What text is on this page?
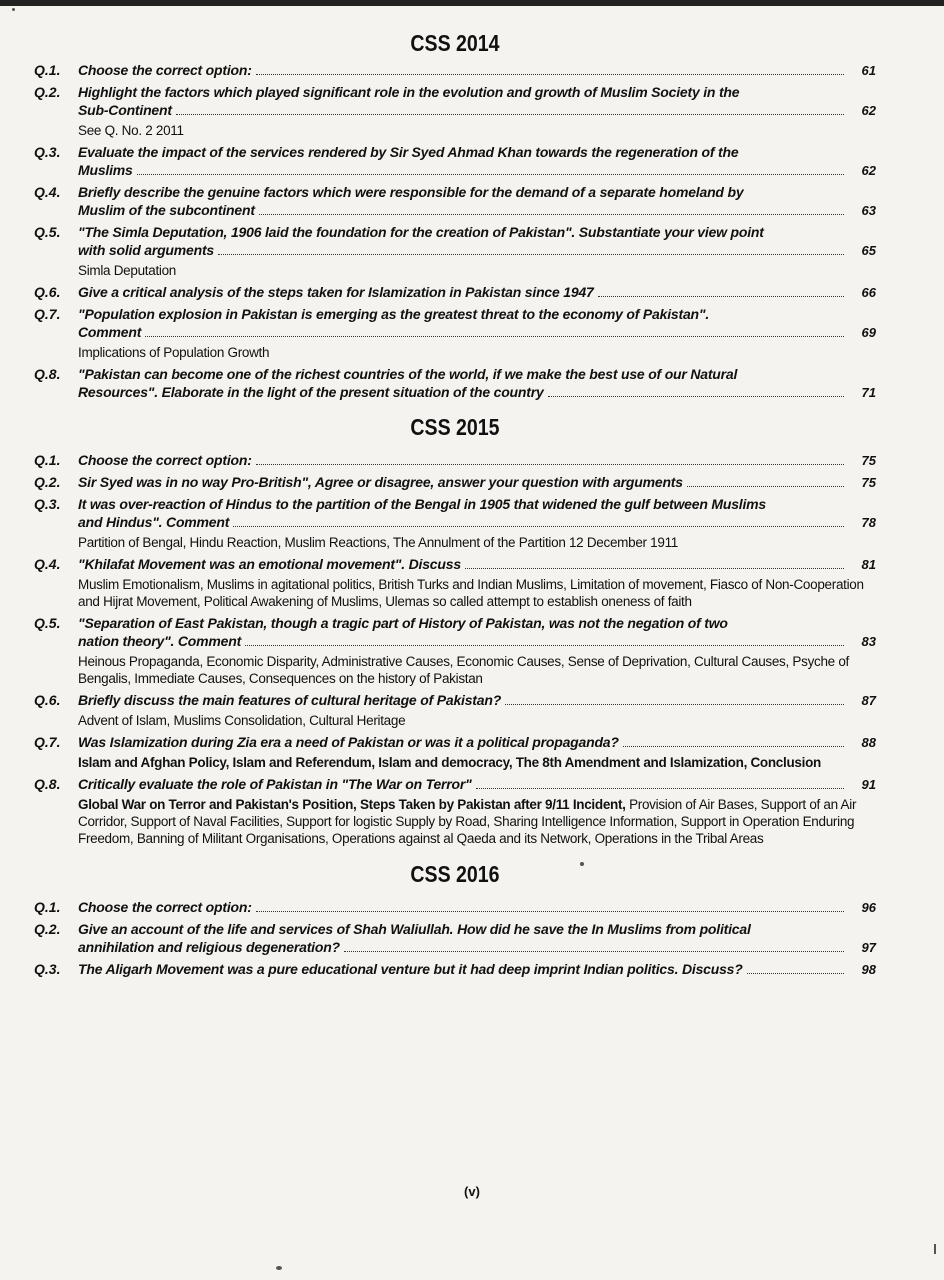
CSS 2014
Q.1.	Choose the correct option:	61
Q.2.	Highlight the factors which played significant role in the evolution and growth of Muslim Society in the
Sub-Continent	62
See Q. No. 2 2011
Q.3.	Evaluate the impact of the services rendered by Sir Syed Ahmad Khan towards the regeneration of the
Muslims	62
Q.4.	Briefly describe the genuine factors which were responsible for the demand of a separate homeland by
Muslim of the subcontinent	63
Q.5.	"The Simla Deputation, 1906 laid the foundation for the creation of Pakistan". Substantiate your view point
with solid arguments	65
Simla Deputation
Q.6.	Give a critical analysis of the steps taken for Islamization in Pakistan since 1947	66
Q.7.	"Population explosion in Pakistan is emerging as the greatest threat to the economy of Pakistan".
Comment	69
Implications of Population Growth
Q.8.	"Pakistan can become one of the richest countries of the world, if we make the best use of our Natural
Resources". Elaborate in the light of the present situation of the country	71
CSS 2015
Q.1.	Choose the correct option:	75
Q.2.	Sir Syed was in no way Pro-British", Agree or disagree, answer your question with arguments	75
Q.3.	It was over-reaction of Hindus to the partition of the Bengal in 1905 that widened the gulf between Muslims
and Hindus". Comment	78
Partition of Bengal, Hindu Reaction, Muslim Reactions, The Annulment of the Partition 12 December 1911
Q.4.	"Khilafat Movement was an emotional movement". Discuss	81
Muslim Emotionalism, Muslims in agitational politics, British Turks and Indian Muslims, Limitation of movement, Fiasco of Non-Cooperation and Hijrat Movement, Political Awakening of Muslims, Ulemas so called attempt to establish oneness of faith
Q.5.	"Separation of East Pakistan, though a tragic part of History of Pakistan, was not the negation of two
nation theory". Comment	83
Heinous Propaganda, Economic Disparity, Administrative Causes, Economic Causes, Sense of Deprivation, Cultural Causes, Psyche of Bengalis, Immediate Causes, Consequences on the history of Pakistan
Q.6.	Briefly discuss the main features of cultural heritage of Pakistan?	87
Advent of Islam, Muslims Consolidation, Cultural Heritage
Q.7.	Was Islamization during Zia era a need of Pakistan or was it a political propaganda?	88
Islam and Afghan Policy, Islam and Referendum, Islam and democracy, The 8th Amendment and Islamization, Conclusion
Q.8.	Critically evaluate the role of Pakistan in "The War on Terror"	91
Global War on Terror and Pakistan's Position, Steps Taken by Pakistan after 9/11 Incident, Provision of Air Bases, Support of an Air Corridor, Support of Naval Facilities, Support for logistic Supply by Road, Sharing Intelligence Information, Support in Operation Enduring Freedom, Banning of Militant Organisations, Operations against al Qaeda and its Network, Operations in the Tribal Areas
CSS 2016
Q.1.	Choose the correct option:	96
Q.2.	Give an account of the life and services of Shah Waliullah. How did he save the In Muslims from political
annihilation and religious degeneration?	97
Q.3.	The Aligarh Movement was a pure educational venture but it had deep imprint Indian politics. Discuss?	98
(v)
